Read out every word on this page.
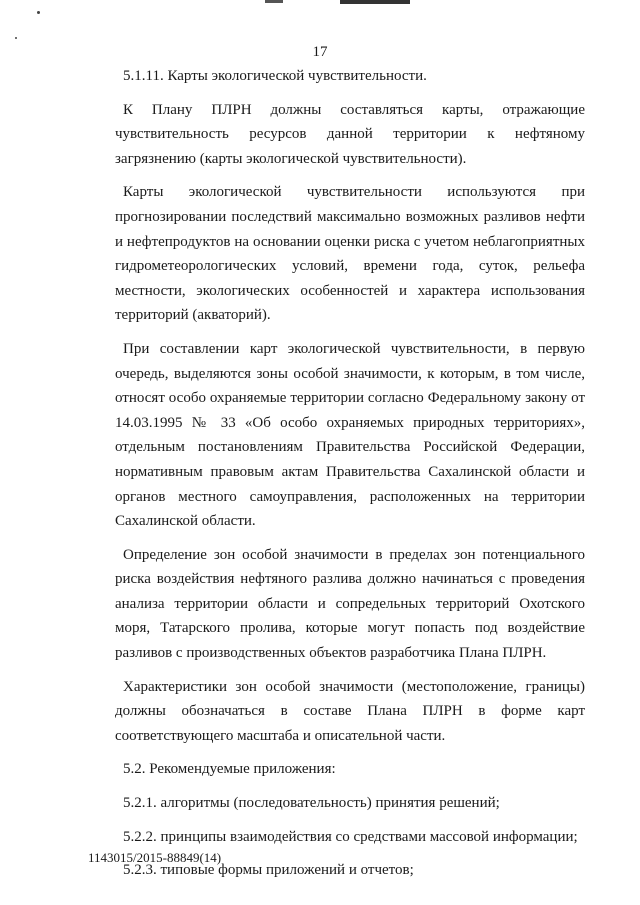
17

5.1.11. Карты экологической чувствительности.

К Плану ПЛРН должны составляться карты, отражающие чувствительность ресурсов данной территории к нефтяному загрязнению (карты экологической чувствительности).

Карты экологической чувствительности используются при прогнозировании последствий максимально возможных разливов нефти и нефтепродуктов на основании оценки риска с учетом неблагоприятных гидрометеорологических условий, времени года, суток, рельефа местности, экологических особенностей и характера использования территорий (акваторий).

При составлении карт экологической чувствительности, в первую очередь, выделяются зоны особой значимости, к которым, в том числе, относят особо охраняемые территории согласно Федеральному закону от 14.03.1995 № 33 «Об особо охраняемых природных территориях», отдельным постановлениям Правительства Российской Федерации, нормативным правовым актам Правительства Сахалинской области и органов местного самоуправления, расположенных на территории Сахалинской области.

Определение зон особой значимости в пределах зон потенциального риска воздействия нефтяного разлива должно начинаться с проведения анализа территории области и сопредельных территорий Охотского моря, Татарского пролива, которые могут попасть под воздействие разливов с производственных объектов разработчика Плана ПЛРН.

Характеристики зон особой значимости (местоположение, границы) должны обозначаться в составе Плана ПЛРН в форме карт соответствующего масштаба и описательной части.

5.2. Рекомендуемые приложения:

5.2.1. алгоритмы (последовательность) принятия решений;

5.2.2. принципы взаимодействия со средствами массовой информации;

5.2.3. типовые формы приложений и отчетов;

1143015/2015-88849(14)
